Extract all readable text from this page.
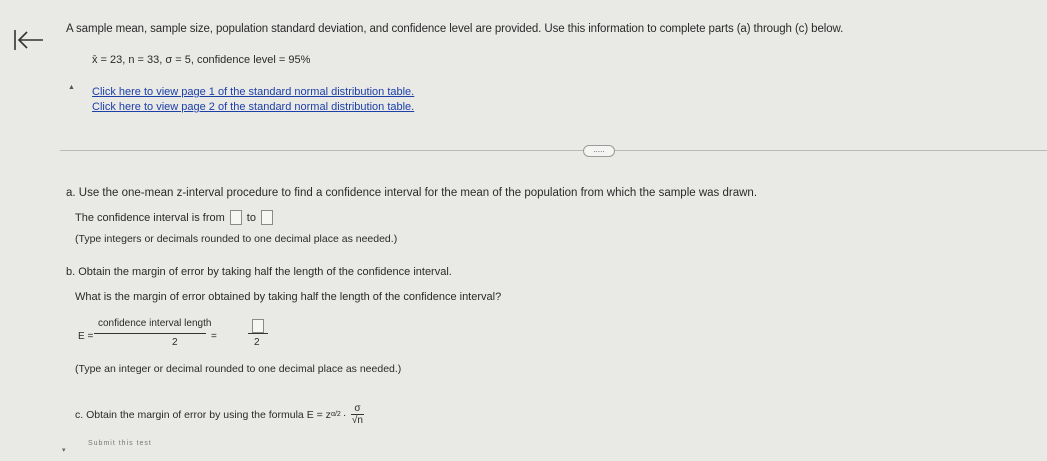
A sample mean, sample size, population standard deviation, and confidence level are provided. Use this information to complete parts (a) through (c) below.
x̄ = 23, n = 33, σ = 5, confidence level = 95%
▲ Click here to view page 1 of the standard normal distribution table.
Click here to view page 2 of the standard normal distribution table.
.....
a. Use the one-mean z-interval procedure to find a confidence interval for the mean of the population from which the sample was drawn.
The confidence interval is from to
(Type integers or decimals rounded to one decimal place as needed.)
b. Obtain the margin of error by taking half the length of the confidence interval.
What is the margin of error obtained by taking half the length of the confidence interval?
E =
confidence interval length
2
=
2
(Type an integer or decimal rounded to one decimal place as needed.)
c. Obtain the margin of error by using the formula
E = z $\alpha/2 \cdot \frac{\sigma}{√n}$
Submit this test
▾
